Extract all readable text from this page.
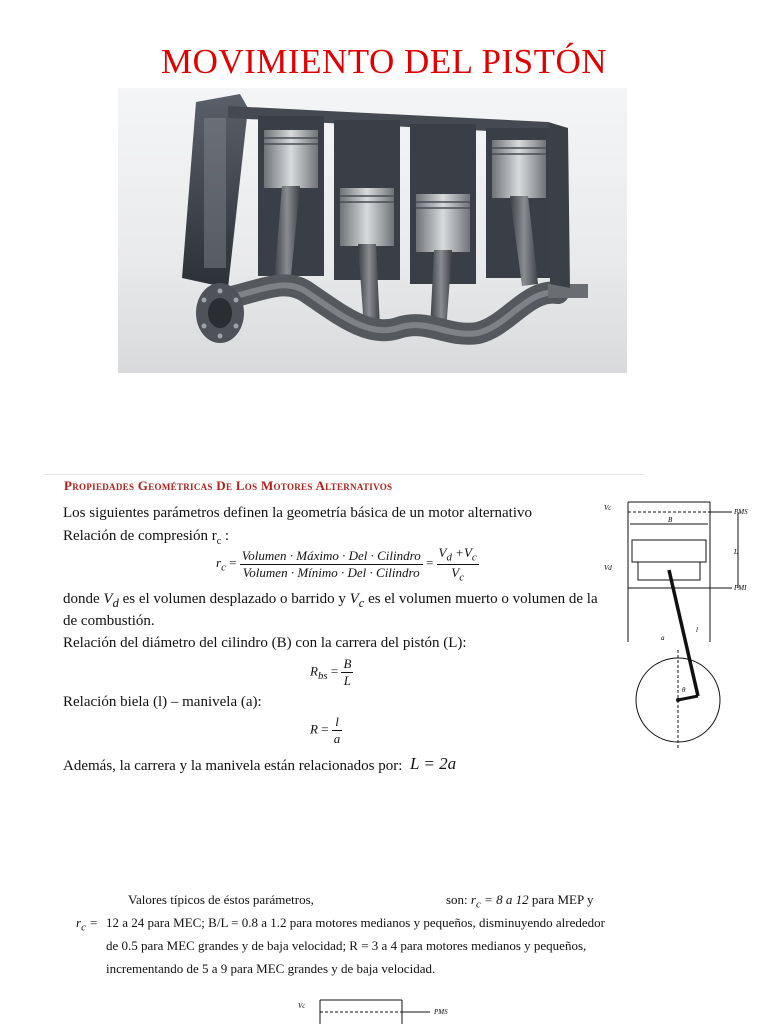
MOVIMIENTO DEL PISTÓN
Propiedades Geométricas De Los Motores Alternativos
Los siguientes parámetros definen la geometría básica de un motor alternativo
Relación de compresión $r_c$ :
$r_c = \frac{\text{Volumen · Máximo · Del · Cilindro}}{\text{Volumen · Mínimo · Del · Cilindro}} = \frac{V_d +V_c}{V_c}$
donde $V_d$ es el volumen desplazado o barrido y $V_c$ es el volumen muerto o volumen de la
de combustión.
Relación del diámetro del cilindro (B) con la carrera del pistón (L):
$R_{bs} = \frac{B}{L}$
Relación biela (l) – manivela (a):
$R = \frac{l}{a}$
Además, la carrera y la manivela están relacionados por: L = 2a
PMS
Vc
B
PMI
Vd
L
l
a
θ
Valores típicos de éstos parámetros,	son: $r_c = 8$ a 12 para MEP y
$r_c = 12$ a 24 para MEC; B/L = 0.8 a 1.2 para motores medianos y pequeños, disminuyendo alrededor
de 0.5 para MEC grandes y de baja velocidad; R = 3 a 4 para motores medianos y pequeños,
incrementando de 5 a 9 para MEC grandes y de baja velocidad.
Vc
PMS
